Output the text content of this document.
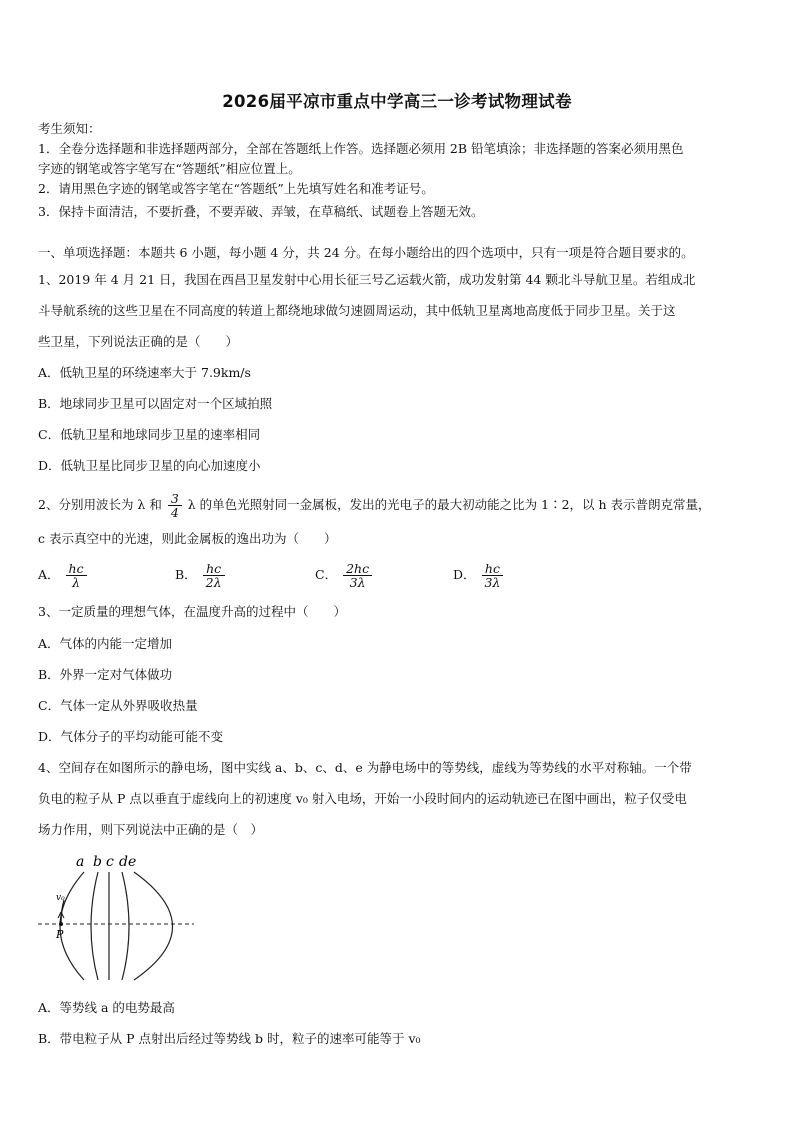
2026届平凉市重点中学高三一诊考试物理试卷
考生须知：
1．全卷分选择题和非选择题两部分，全部在答题纸上作答。选择题必须用 2B 铅笔填涂；非选择题的答案必须用黑色
字迹的钢笔或答字笔写在“答题纸”相应位置上。
2．请用黑色字迹的钢笔或答字笔在“答题纸”上先填写姓名和准考证号。
3．保持卡面清洁，不要折叠，不要弄破、弄皱，在草稿纸、试题卷上答题无效。
一、单项选择题：本题共 6 小题，每小题 4 分，共 24 分。在每小题给出的四个选项中，只有一项是符合题目要求的。
1、2019 年 4 月 21 日，我国在西昌卫星发射中心用长征三号乙运载火箭，成功发射第 44 颗北斗导航卫星。若组成北
斗导航系统的这些卫星在不同高度的转道上都绕地球做匀速圆周运动，其中低轨卫星离地高度低于同步卫星。关于这
些卫星，下列说法正确的是（　　）
A．低轨卫星的环绕速率大于 7.9km/s
B．地球同步卫星可以固定对一个区域拍照
C．低轨卫星和地球同步卫星的速率相同
D．低轨卫星比同步卫星的向心加速度小
2、分别用波长为 λ 和 $\frac{3}{4}$ λ 的单色光照射同一金属板，发出的光电子的最大初动能之比为 1∶2，以 h 表示普朗克常量，
c 表示真空中的光速，则此金属板的逸出功为（　　）
A． $\frac{hc}{\lambda}$	B． $\frac{hc}{2\lambda}$	C． $\frac{2hc}{3\lambda}$	D． $\frac{hc}{3\lambda}$
3、一定质量的理想气体，在温度升高的过程中（　　）
A．气体的内能一定增加
B．外界一定对气体做功
C．气体一定从外界吸收热量
D．气体分子的平均动能可能不变
4、空间存在如图所示的静电场，图中实线 a、b、c、d、e 为静电场中的等势线，虚线为等势线的水平对称轴。一个带
负电的粒子从 P 点以垂直于虚线向上的初速度 v₀ 射入电场，开始一小段时间内的运动轨迹已在图中画出，粒子仅受电
场力作用，则下列说法中正确的是（　）
a b c d e
v₀
P
A．等势线 a 的电势最高
B．带电粒子从 P 点射出后经过等势线 b 时，粒子的速率可能等于 v₀
